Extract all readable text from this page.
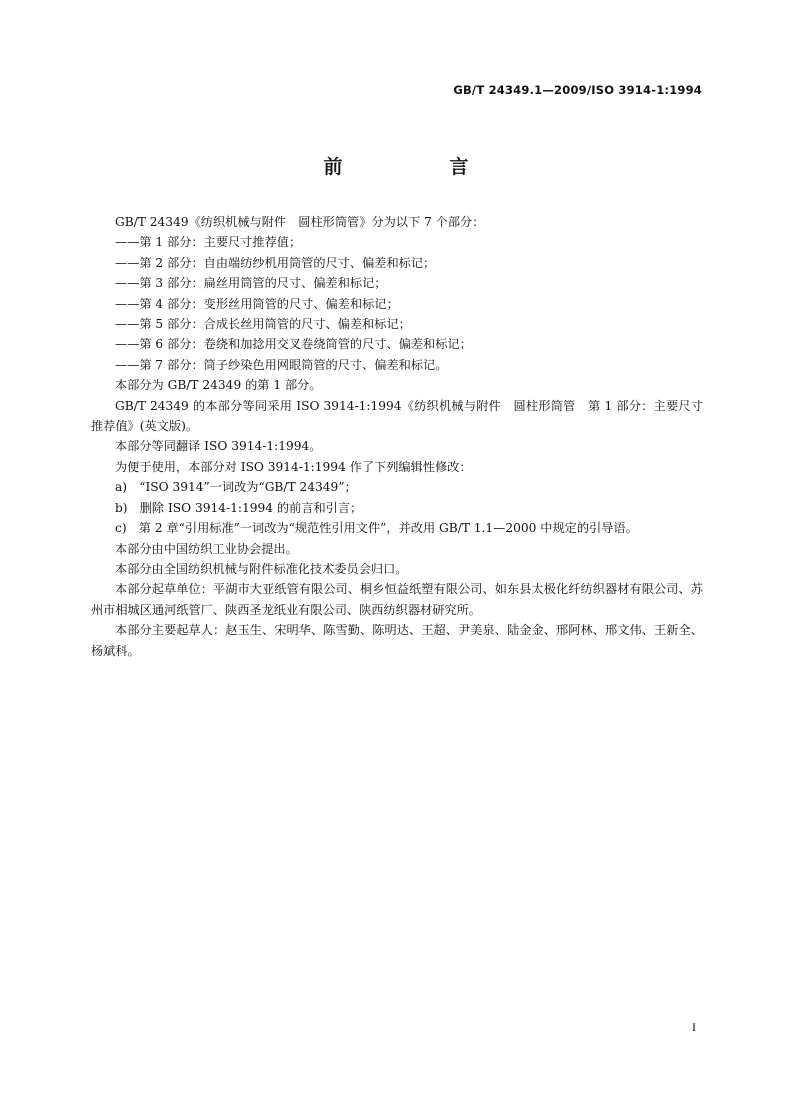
GB/T 24349.1—2009/ISO 3914-1:1994
前　言

GB/T 24349《纺织机械与附件　圆柱形筒管》分为以下 7 个部分：

——第 1 部分：主要尺寸推荐值；

——第 2 部分：自由端纺纱机用筒管的尺寸、偏差和标记；

——第 3 部分：扁丝用筒管的尺寸、偏差和标记；

——第 4 部分：变形丝用筒管的尺寸、偏差和标记；

——第 5 部分：合成长丝用筒管的尺寸、偏差和标记；

——第 6 部分：卷绕和加捻用交叉卷绕筒管的尺寸、偏差和标记；

——第 7 部分：筒子纱染色用网眼筒管的尺寸、偏差和标记。

本部分为 GB/T 24349 的第 1 部分。

GB/T 24349 的本部分等同采用 ISO 3914-1:1994《纺织机械与附件　圆柱形筒管　第 1 部分：主要尺寸推荐值》(英文版)。

本部分等同翻译 ISO 3914-1:1994。

为便于使用，本部分对 ISO 3914-1:1994 作了下列编辑性修改：

a)　“ISO 3914”一词改为“GB/T 24349”；

b)　删除 ISO 3914-1:1994 的前言和引言；

c)　第 2 章“引用标准”一词改为“规范性引用文件”，并改用 GB/T 1.1—2000 中规定的引导语。

本部分由中国纺织工业协会提出。

本部分由全国纺织机械与附件标准化技术委员会归口。

本部分起草单位：平湖市大亚纸管有限公司、桐乡恒益纸塑有限公司、如东县太极化纤纺织器材有限公司、苏州市相城区通河纸管厂、陕西圣龙纸业有限公司、陕西纺织器材研究所。

本部分主要起草人：赵玉生、宋明华、陈雪勤、陈明达、王超、尹美泉、陆金金、邢阿林、邢文伟、王新全、杨斌科。

I
